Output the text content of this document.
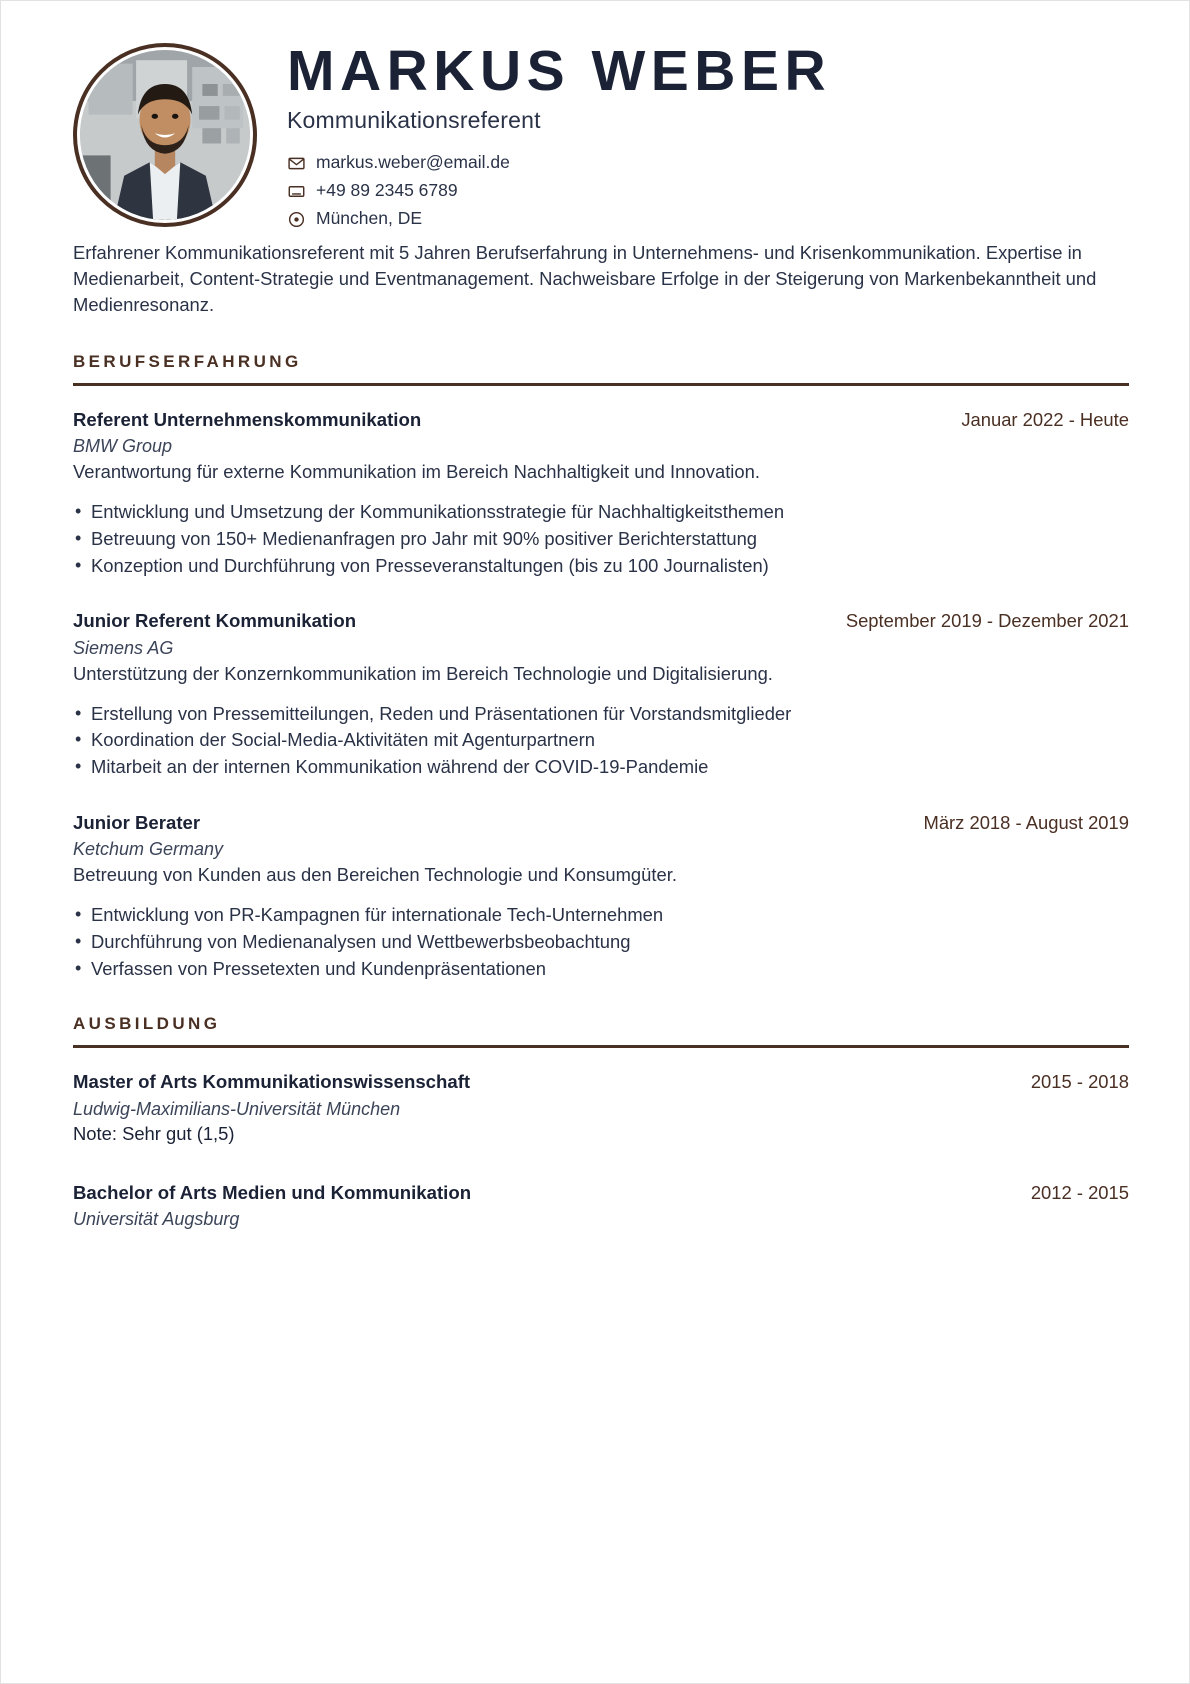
MARKUS WEBER
Kommunikationsreferent
markus.weber@email.de
+49 89 2345 6789
München, DE

Erfahrener Kommunikationsreferent mit 5 Jahren Berufserfahrung in Unternehmens- und Krisenkommunikation. Expertise in Medienarbeit, Content-Strategie und Eventmanagement. Nachweisbare Erfolge in der Steigerung von Markenbekanntheit und Medienresonanz.

BERUFSERFAHRUNG
Referent Unternehmenskommunikation	Januar 2022 - Heute
BMW Group
Verantwortung für externe Kommunikation im Bereich Nachhaltigkeit und Innovation.
• Entwicklung und Umsetzung der Kommunikationsstrategie für Nachhaltigkeitsthemen
• Betreuung von 150+ Medienanfragen pro Jahr mit 90% positiver Berichterstattung
• Konzeption und Durchführung von Presseveranstaltungen (bis zu 100 Journalisten)
Junior Referent Kommunikation	September 2019 - Dezember 2021
Siemens AG
Unterstützung der Konzernkommunikation im Bereich Technologie und Digitalisierung.
• Erstellung von Pressemitteilungen, Reden und Präsentationen für Vorstandsmitglieder
• Koordination der Social-Media-Aktivitäten mit Agenturpartnern
• Mitarbeit an der internen Kommunikation während der COVID-19-Pandemie
Junior Berater	März 2018 - August 2019
Ketchum Germany
Betreuung von Kunden aus den Bereichen Technologie und Konsumgüter.
• Entwicklung von PR-Kampagnen für internationale Tech-Unternehmen
• Durchführung von Medienanalysen und Wettbewerbsbeobachtung
• Verfassen von Pressetexten und Kundenpräsentationen
AUSBILDUNG
Master of Arts Kommunikationswissenschaft	2015 - 2018
Ludwig-Maximilians-Universität München
Note: Sehr gut (1,5)
Bachelor of Arts Medien und Kommunikation	2012 - 2015
Universität Augsburg
